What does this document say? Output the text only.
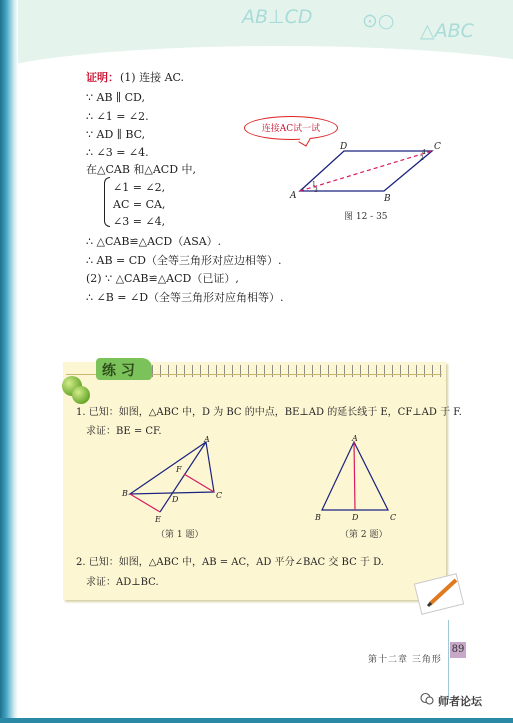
AB⊥CD	⊙○ △ABC
证明： (1) 连接 AC.
∵ AB ∥ CD,
∴ ∠1 = ∠2.
∵ AD ∥ BC,
∴ ∠3 = ∠4.
在△CAB 和△ACD 中,
∠1 = ∠2,
AC = CA,
∠3 = ∠4,
∴ △CAB≌△ACD（ASA）.
∴ AB = CD（全等三角形对应边相等）.
(2) ∵ △CAB≌△ACD（已证）,
∴ ∠B = ∠D（全等三角形对应角相等）.
连接AC试一试
D	C
A	B
1
2
3
4
图 12 - 35
练 习
1. 已知：如图，△ABC 中，D 为 BC 的中点，BE⊥AD 的延长线于 E，CF⊥AD 于 F.
求证：BE = CF.
A
B	C
D
E
F
（第 1 题）
A
B	C
D
（第 2 题）
2. 已知：如图，△ABC 中，AB = AC，AD 平分∠BAC 交 BC 于 D.
求证：AD⊥BC.
第十二章 三角形
89
师者论坛
